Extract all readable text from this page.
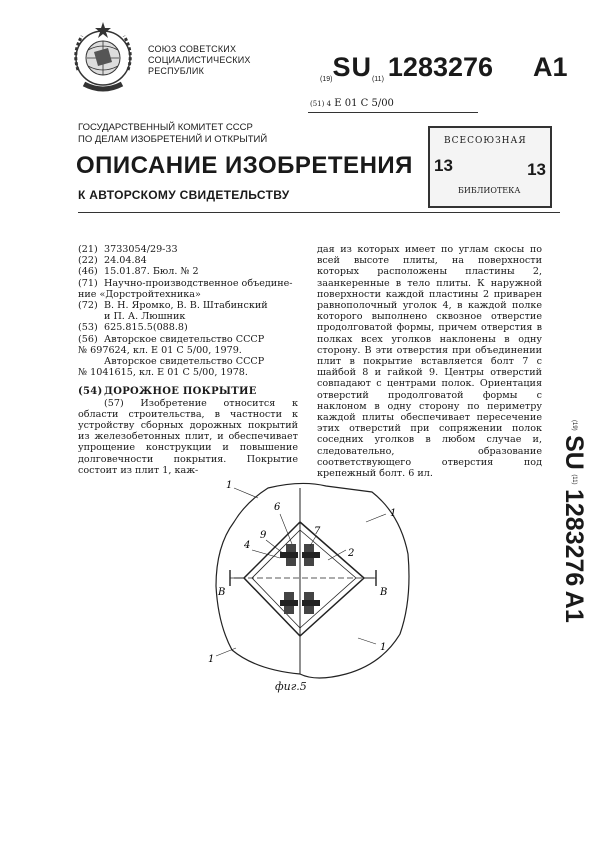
СОЮЗ СОВЕТСКИХ
СОЦИАЛИСТИЧЕСКИХ
РЕСПУБЛИК
(19)SU(11) 1283276 A1
(51) 4 E 01 C 5/00
ГОСУДАРСТВЕННЫЙ КОМИТЕТ СССР
ПО ДЕЛАМ ИЗОБРЕТЕНИЙ И ОТКРЫТИЙ	ВСЕСОЮЗНАЯ
13	13
БИБЛИОТЕКА
ОПИСАНИЕ ИЗОБРЕТЕНИЯ
К АВТОРСКОМУ СВИДЕТЕЛЬСТВУ
(21) 3733054/29-33
(22) 24.04.84
(46) 15.01.87. Бюл. № 2
(71) Научно-производственное объедине-
ние «Дорстройтехника»
(72) В. Н. Яромко, В. В. Штабинский
и П. А. Люшник
(53) 625.815.5(088.8)
(56) Авторское свидетельство СССР
№ 697624, кл. Е 01 С 5/00, 1979.
Авторское свидетельство СССР
№ 1041615, кл. Е 01 С 5/00, 1978.
(54)ДОРОЖНОЕ ПОКРЫТИЕ
(57) Изобретение относится к области строительства, в частности к устройству сборных дорожных покрытий из железобетонных плит, и обеспечивает упрощение конструкции и повышение долговечности покрытия. Покрытие состоит из плит 1, каж-
дая из которых имеет по углам скосы по всей высоте плиты, на поверхности которых расположены пластины 2, заанкеренные в тело плиты. К наружной поверхности каждой пластины 2 приварен равнополочный уголок 4, в каждой полке которого выполнено сквозное отверстие продолговатой формы, причем отверстия в полках всех уголков наклонены в одну сторону. В эти отверстия при объединении плит в покрытие вставляется болт 7 с шайбой 8 и гайкой 9. Центры отверстий совпадают с центрами полок. Ориентация отверстий продолговатой формы с наклоном в одну сторону по периметру каждой плиты обеспечивает пересечение этих отверстий при сопряжении полок соседних уголков в любом случае и, следовательно, образование соответствующего отверстия под крепежный болт. 6 ил.
(19) SU (11) 1283276 A1
В	В
1
1
1
1
2
4
6
7
9
фиг.5
